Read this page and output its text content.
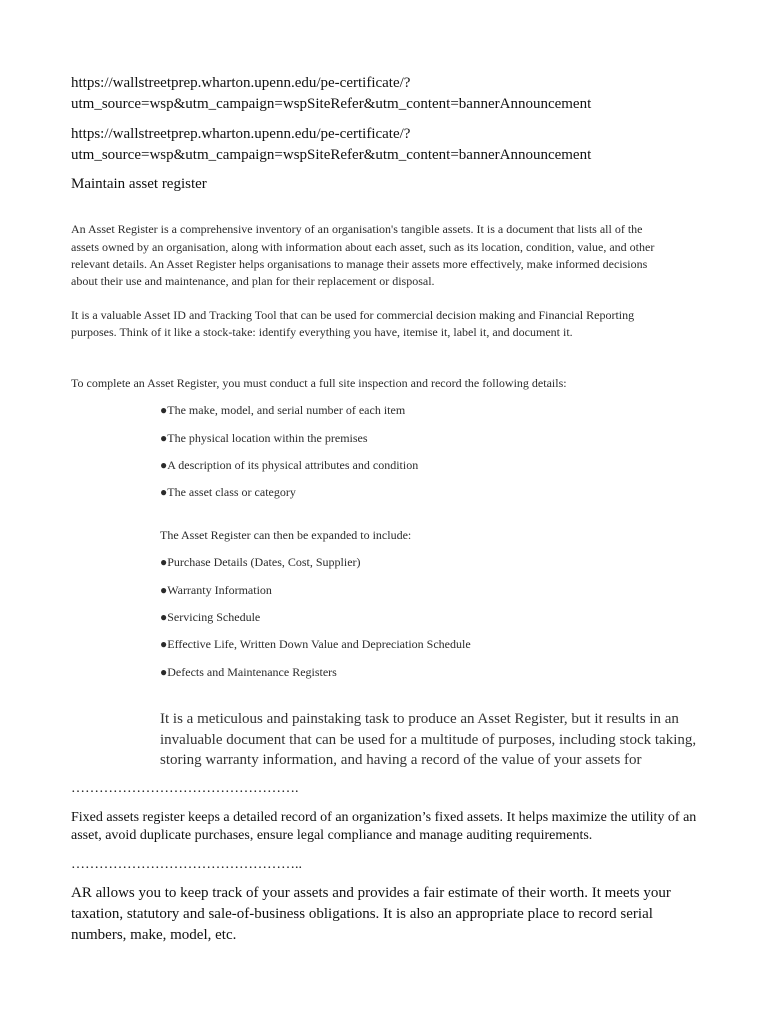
https://wallstreetprep.wharton.upenn.edu/pe-certificate/?

utm_source=wsp&utm_campaign=wspSiteRefer&utm_content=bannerAnnouncement

https://wallstreetprep.wharton.upenn.edu/pe-certificate/?

utm_source=wsp&utm_campaign=wspSiteRefer&utm_content=bannerAnnouncement

Maintain asset register

An Asset Register is a comprehensive inventory of an organisation's tangible assets. It is a document that lists all of the

assets owned by an organisation, along with information about each asset, such as its location, condition, value, and other

relevant details. An Asset Register helps organisations to manage their assets more effectively, make informed decisions

about their use and maintenance, and plan for their replacement or disposal.

It is a valuable Asset ID and Tracking Tool that can be used for commercial decision making and Financial Reporting

purposes. Think of it like a stock-take: identify everything you have, itemise it, label it, and document it.

To complete an Asset Register, you must conduct a full site inspection and record the following details:

●The make, model, and serial number of each item

●The physical location within the premises

●A description of its physical attributes and condition

●The asset class or category

The Asset Register can then be expanded to include:

●Purchase Details (Dates, Cost, Supplier)

●Warranty Information

●Servicing Schedule

●Effective Life, Written Down Value and Depreciation Schedule

●Defects and Maintenance Registers

It is a meticulous and painstaking task to produce an Asset Register, but it results in an

invaluable document that can be used for a multitude of purposes, including stock taking,

storing warranty information, and having a record of the value of your assets for

………………………………………….

Fixed assets register keeps a detailed record of an organization’s fixed assets. It helps maximize the utility of an

asset, avoid duplicate purchases, ensure legal compliance and manage auditing requirements.

…………………………………………..

AR allows you to keep track of your assets and provides a fair estimate of their worth. It meets your

taxation, statutory and sale-of-business obligations. It is also an appropriate place to record serial

numbers, make, model, etc.
